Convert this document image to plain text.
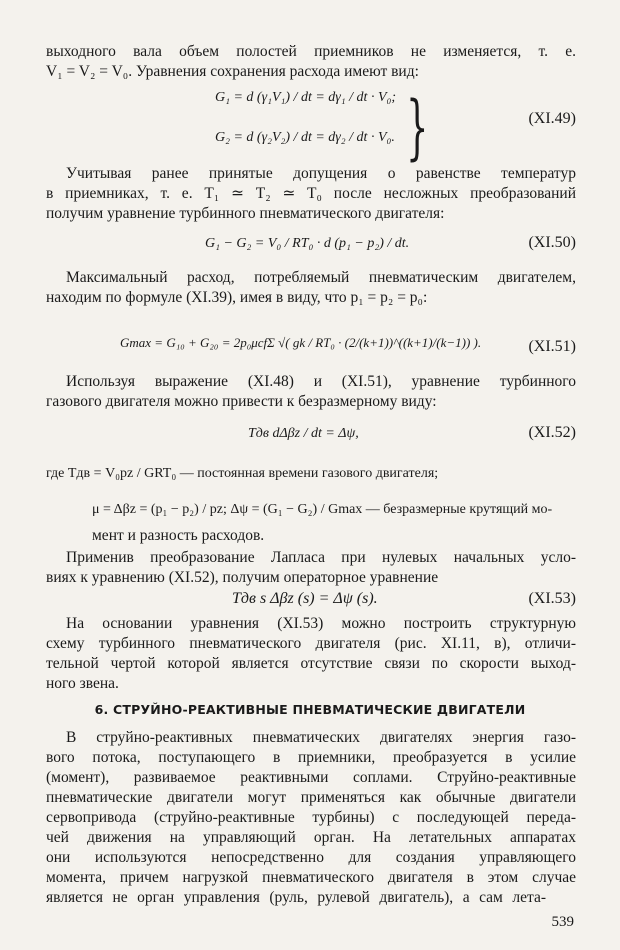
выходного вала объем полостей приемников не изменяется, т. е.
V₁ = V₂ = V₀. Уравнения сохранения расхода имеют вид:
G₁ = d (γ₁V₁) / dt = dγ₁ / dt · V₀;
G₂ = d (γ₂V₂) / dt = dγ₂ / dt · V₀. }	(XI.49)
Учитывая ранее принятые допущения о равенстве температур
в приемниках, т. е. T₁ ≃ T₂ ≃ T₀ после несложных преобразований
получим уравнение турбинного пневматического двигателя:
G₁ − G₂ = V₀ / RT₀ · d (p₁ − p₂) / dt.	(XI.50)
Максимальный расход, потребляемый пневматическим двигателем,
находим по формуле (XI.39), имея в виду, что p₁ = p₂ = p₀:
Gmax = G₁₀ + G₂₀ = 2p₀μcfΣ √( gk / RT₀ · (2/(k+1))^((k+1)/(k−1)) ).	(XI.51)
Используя выражение (XI.48) и (XI.51), уравнение турбинного
газового двигателя можно привести к безразмерному виду:
Tдв dΔβz / dt = Δψ,	(XI.52)
где Tдв = V₀pz / GRT₀ — постоянная времени газового двигателя;
μ = Δβz = (p₁ − p₂) / pz; Δψ = (G₁ − G₂) / Gmax — безразмерные крутящий мо-
мент и разность расходов.
Применив преобразование Лапласа при нулевых начальных усло-
виях к уравнению (XI.52), получим операторное уравнение
Tдв s Δβz (s) = Δψ (s).	(XI.53)
На основании уравнения (XI.53) можно построить структурную
схему турбинного пневматического двигателя (рис. XI.11, в), отличи-
тельной чертой которой является отсутствие связи по скорости выход-
ного звена.
6. СТРУЙНО-РЕАКТИВНЫЕ ПНЕВМАТИЧЕСКИЕ ДВИГАТЕЛИ
В струйно-реактивных пневматических двигателях энергия газо-
вого потока, поступающего в приемники, преобразуется в усилие
(момент), развиваемое реактивными соплами. Струйно-реактивные
пневматические двигатели могут применяться как обычные двигатели
сервопривода (струйно-реактивные турбины) с последующей переда-
чей движения на управляющий орган. На летательных аппаратах
они используются непосредственно для создания управляющего
момента, причем нагрузкой пневматического двигателя в этом случае
является не орган управления (руль, рулевой двигатель), а сам лета-
539
